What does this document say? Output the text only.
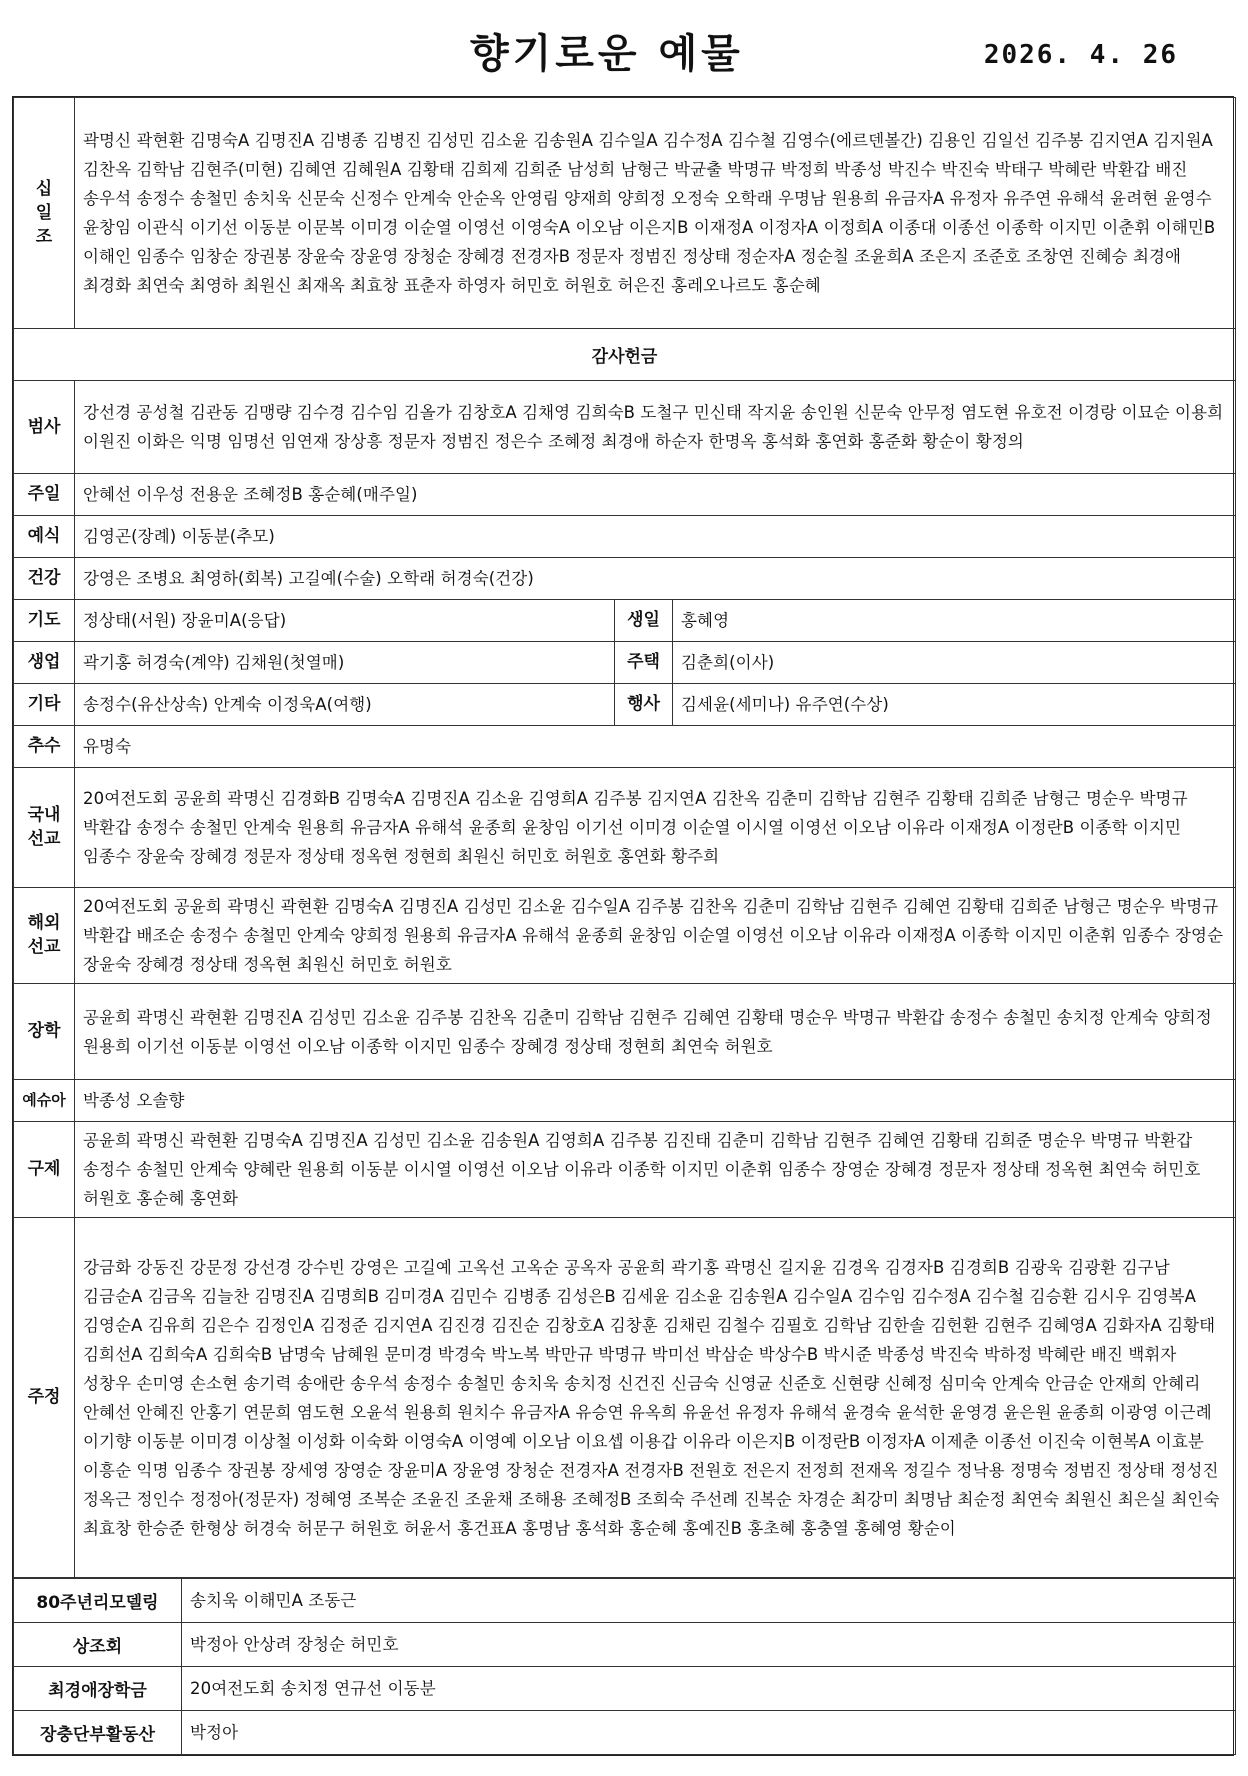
향기로운 예물	2026. 4. 26
십일조	곽명신 곽현환 김명숙A 김명진A 김병종 김병진 김성민 김소윤 김송원A 김수일A 김수정A 김수철 김영수(에르덴볼간) 김용인 김일선 김주봉 김지연A 김지원A 김찬옥 김학남 김현주(미현) 김혜연 김혜원A 김황태 김희제 김희준 남성희 남형근 박균출 박명규 박정희 박종성 박진수 박진숙 박태구 박혜란 박환갑 배진 송우석 송정수 송철민 송치욱 신문숙 신정수 안계숙 안순옥 안영림 양재희 양희정 오정숙 오학래 우명남 원용희 유금자A 유정자 유주연 유해석 윤려현 윤영수 윤창임 이관식 이기선 이동분 이문복 이미경 이순열 이영선 이영숙A 이오남 이은지B 이재정A 이정자A 이정희A 이종대 이종선 이종학 이지민 이춘휘 이해민B 이해인 임종수 임창순 장권봉 장윤숙 장윤영 장청순 장혜경 전경자B 정문자 정범진 정상태 정순자A 정순칠 조윤희A 조은지 조준호 조창연 진혜승 최경애 최경화 최연숙 최영하 최원신 최재옥 최효창 표춘자 하영자 허민호 허원호 허은진 홍레오나르도 홍순혜		
감사헌금			
범사	강선경 공성철 김관동 김맹량 김수경 김수임 김올가 김창호A 김채영 김희숙B 도철구 민신태 작지윤 송인원 신문숙 안무정 염도현 유호전 이경랑 이묘순 이용희 이원진 이화은 익명 임명선 임연재 장상흥 정문자 정범진 정은수 조혜정 최경애 하순자 한명옥 홍석화 홍연화 홍준화 황순이 황정의		
주일	안혜선 이우성 전용운 조혜정B 홍순혜(매주일)		
예식	김영곤(장례) 이동분(추모)		
건강	강영은 조병요 최영하(회복) 고길예(수술) 오학래 허경숙(건강)		
기도	정상태(서원) 장윤미A(응답)	생일	홍혜영
생업	곽기홍 허경숙(계약) 김채원(첫열매)	주택	김춘희(이사)
기타	송정수(유산상속) 안계숙 이정욱A(여행)	행사	김세윤(세미나) 유주연(수상)
추수	유명숙		
국내선교	20여전도회 공윤희 곽명신 김경화B 김명숙A 김명진A 김소윤 김영희A 김주봉 김지연A 김찬옥 김춘미 김학남 김현주 김황태 김희준 남형근 명순우 박명규 박환갑 송정수 송철민 안계숙 원용희 유금자A 유해석 윤종희 윤창임 이기선 이미경 이순열 이시열 이영선 이오남 이유라 이재정A 이정란B 이종학 이지민 임종수 장윤숙 장혜경 정문자 정상태 정옥현 정현희 최원신 허민호 허원호 홍연화 황주희		
해외선교	20여전도회 공윤희 곽명신 곽현환 김명숙A 김명진A 김성민 김소윤 김수일A 김주봉 김찬옥 김춘미 김학남 김현주 김혜연 김황태 김희준 남형근 명순우 박명규 박환갑 배조순 송정수 송철민 안계숙 양희정 원용희 유금자A 유해석 윤종희 윤창임 이순열 이영선 이오남 이유라 이재정A 이종학 이지민 이춘휘 임종수 장영순 장윤숙 장혜경 정상태 정옥현 최원신 허민호 허원호		
장학	공윤희 곽명신 곽현환 김명진A 김성민 김소윤 김주봉 김찬옥 김춘미 김학남 김현주 김혜연 김황태 명순우 박명규 박환갑 송정수 송철민 송치정 안계숙 양희정 원용희 이기선 이동분 이영선 이오남 이종학 이지민 임종수 장혜경 정상태 정현희 최연숙 허원호		
예슈아	박종성 오솔향		
구제	공윤희 곽명신 곽현환 김명숙A 김명진A 김성민 김소윤 김송원A 김영희A 김주봉 김진태 김춘미 김학남 김현주 김혜연 김황태 김희준 명순우 박명규 박환갑 송정수 송철민 안계숙 양혜란 원용희 이동분 이시열 이영선 이오남 이유라 이종학 이지민 이춘휘 임종수 장영순 장혜경 정문자 정상태 정옥현 최연숙 허민호 허원호 홍순혜 홍연화		
주정	강금화 강동진 강문정 강선경 강수빈 강영은 고길예 고옥선 고옥순 공옥자 공윤희 곽기홍 곽명신 길지윤 김경옥 김경자B 김경희B 김광욱 김광환 김구남 김금순A 김금옥 김늘찬 김명진A 김명희B 김미경A 김민수 김병종 김성은B 김세윤 김소윤 김송원A 김수일A 김수임 김수정A 김수철 김승환 김시우 김영복A 김영순A 김유희 김은수 김정인A 김정준 김지연A 김진경 김진순 김창호A 김창훈 김채린 김철수 김필호 김학남 김한솔 김헌환 김현주 김혜영A 김화자A 김황태 김희선A 김희숙A 김희숙B 남명숙 남혜원 문미경 박경숙 박노복 박만규 박명규 박미선 박삼순 박상수B 박시준 박종성 박진숙 박하정 박혜란 배진 백휘자 성창우 손미영 손소현 송기력 송애란 송우석 송정수 송철민 송치욱 송치정 신건진 신금숙 신영균 신준호 신현량 신혜정 심미숙 안계숙 안금순 안재희 안혜리 안혜선 안혜진 안홍기 연문희 염도현 오윤석 원용희 원치수 유금자A 유승연 유옥희 유윤선 유정자 유해석 윤경숙 윤석한 윤영경 윤은원 윤종희 이광영 이근례 이기향 이동분 이미경 이상철 이성화 이숙화 이영숙A 이영예 이오남 이요셉 이용갑 이유라 이은지B 이정란B 이정자A 이제춘 이종선 이진숙 이현복A 이효분 이흥순 익명 임종수 장권봉 장세영 장영순 장윤미A 장윤영 장청순 전경자A 전경자B 전원호 전은지 전정희 전재옥 정길수 정낙용 정명숙 정범진 정상태 정성진 정옥근 정인수 정정아(정문자) 정혜영 조복순 조윤진 조윤채 조해용 조혜정B 조희숙 주선례 진복순 차경순 최강미 최명남 최순정 최연숙 최원신 최은실 최인숙 최효창 한승준 한형상 허경숙 허문구 허원호 허윤서 홍건표A 홍명남 홍석화 홍순혜 홍예진B 홍초혜 홍충열 홍혜영 황순이		
80주년리모델링	송치욱 이해민A 조동근
상조회	박정아 안상려 장청순 허민호
최경애장학금	20여전도회 송치정 연규선 이동분
장충단부활동산	박정아
